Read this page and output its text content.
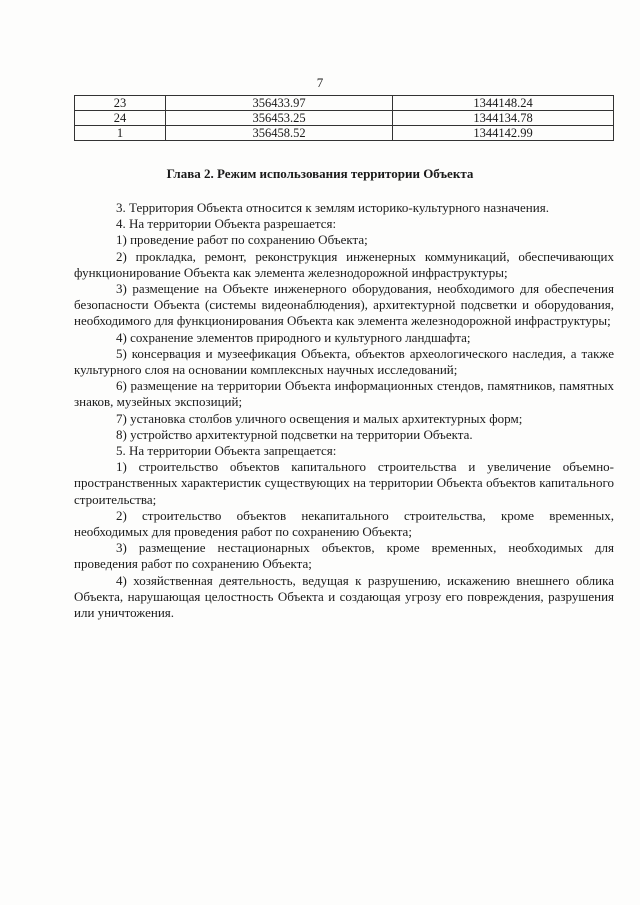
7
23	356433.97	1344148.24
24	356453.25	1344134.78
1	356458.52	1344142.99
Глава 2. Режим использования территории Объекта

3. Территория Объекта относится к землям историко-культурного назначения.

4. На территории Объекта разрешается:

1) проведение работ по сохранению Объекта;

2) прокладка, ремонт, реконструкция инженерных коммуникаций, обеспечивающих функционирование Объекта как элемента железнодорожной инфраструктуры;

3) размещение на Объекте инженерного оборудования, необходимого для обеспечения безопасности Объекта (системы видеонаблюдения), архитектурной подсветки и оборудования, необходимого для функционирования Объекта как элемента железнодорожной инфраструктуры;

4) сохранение элементов природного и культурного ландшафта;

5) консервация и музеефикация Объекта, объектов археологического наследия, а также культурного слоя на основании комплексных научных исследований;

6) размещение на территории Объекта информационных стендов, памятников, памятных знаков, музейных экспозиций;

7) установка столбов уличного освещения и малых архитектурных форм;

8) устройство архитектурной подсветки на территории Объекта.

5. На территории Объекта запрещается:

1) строительство объектов капитального строительства и увеличение объемно-пространственных характеристик существующих на территории Объекта объектов капитального строительства;

2) строительство объектов некапитального строительства, кроме временных, необходимых для проведения работ по сохранению Объекта;

3) размещение нестационарных объектов, кроме временных, необходимых для проведения работ по сохранению Объекта;

4) хозяйственная деятельность, ведущая к разрушению, искажению внешнего облика Объекта, нарушающая целостность Объекта и создающая угрозу его повреждения, разрушения или уничтожения.
